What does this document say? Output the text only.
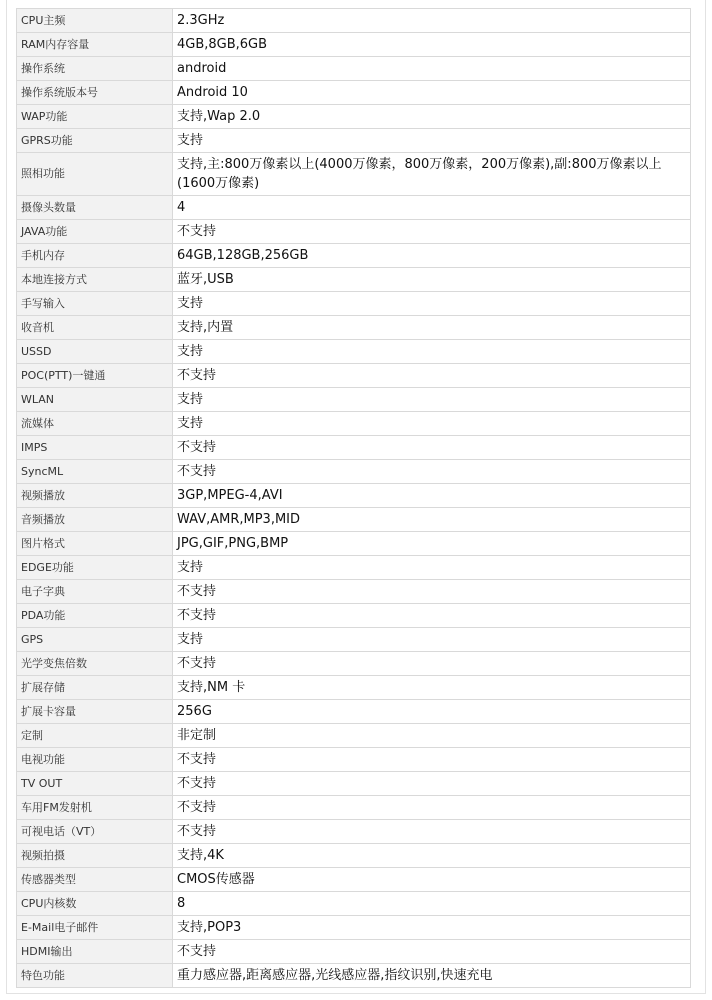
CPU主频	2.3GHz
RAM内存容量	4GB,8GB,6GB
操作系统	android
操作系统版本号	Android 10
WAP功能	支持,Wap 2.0
GPRS功能	支持
照相功能	支持,主:800万像素以上(4000万像素，800万像素，200万像素),副:800万像素以上(1600万像素)
摄像头数量	4
JAVA功能	不支持
手机内存	64GB,128GB,256GB
本地连接方式	蓝牙,USB
手写输入	支持
收音机	支持,内置
USSD	支持
POC(PTT)一键通	不支持
WLAN	支持
流媒体	支持
IMPS	不支持
SyncML	不支持
视频播放	3GP,MPEG-4,AVI
音频播放	WAV,AMR,MP3,MID
图片格式	JPG,GIF,PNG,BMP
EDGE功能	支持
电子字典	不支持
PDA功能	不支持
GPS	支持
光学变焦倍数	不支持
扩展存储	支持,NM 卡
扩展卡容量	256G
定制	非定制
电视功能	不支持
TV OUT	不支持
车用FM发射机	不支持
可视电话（VT）	不支持
视频拍摄	支持,4K
传感器类型	CMOS传感器
CPU内核数	8
E-Mail电子邮件	支持,POP3
HDMI输出	不支持
特色功能	重力感应器,距离感应器,光线感应器,指纹识别,快速充电
